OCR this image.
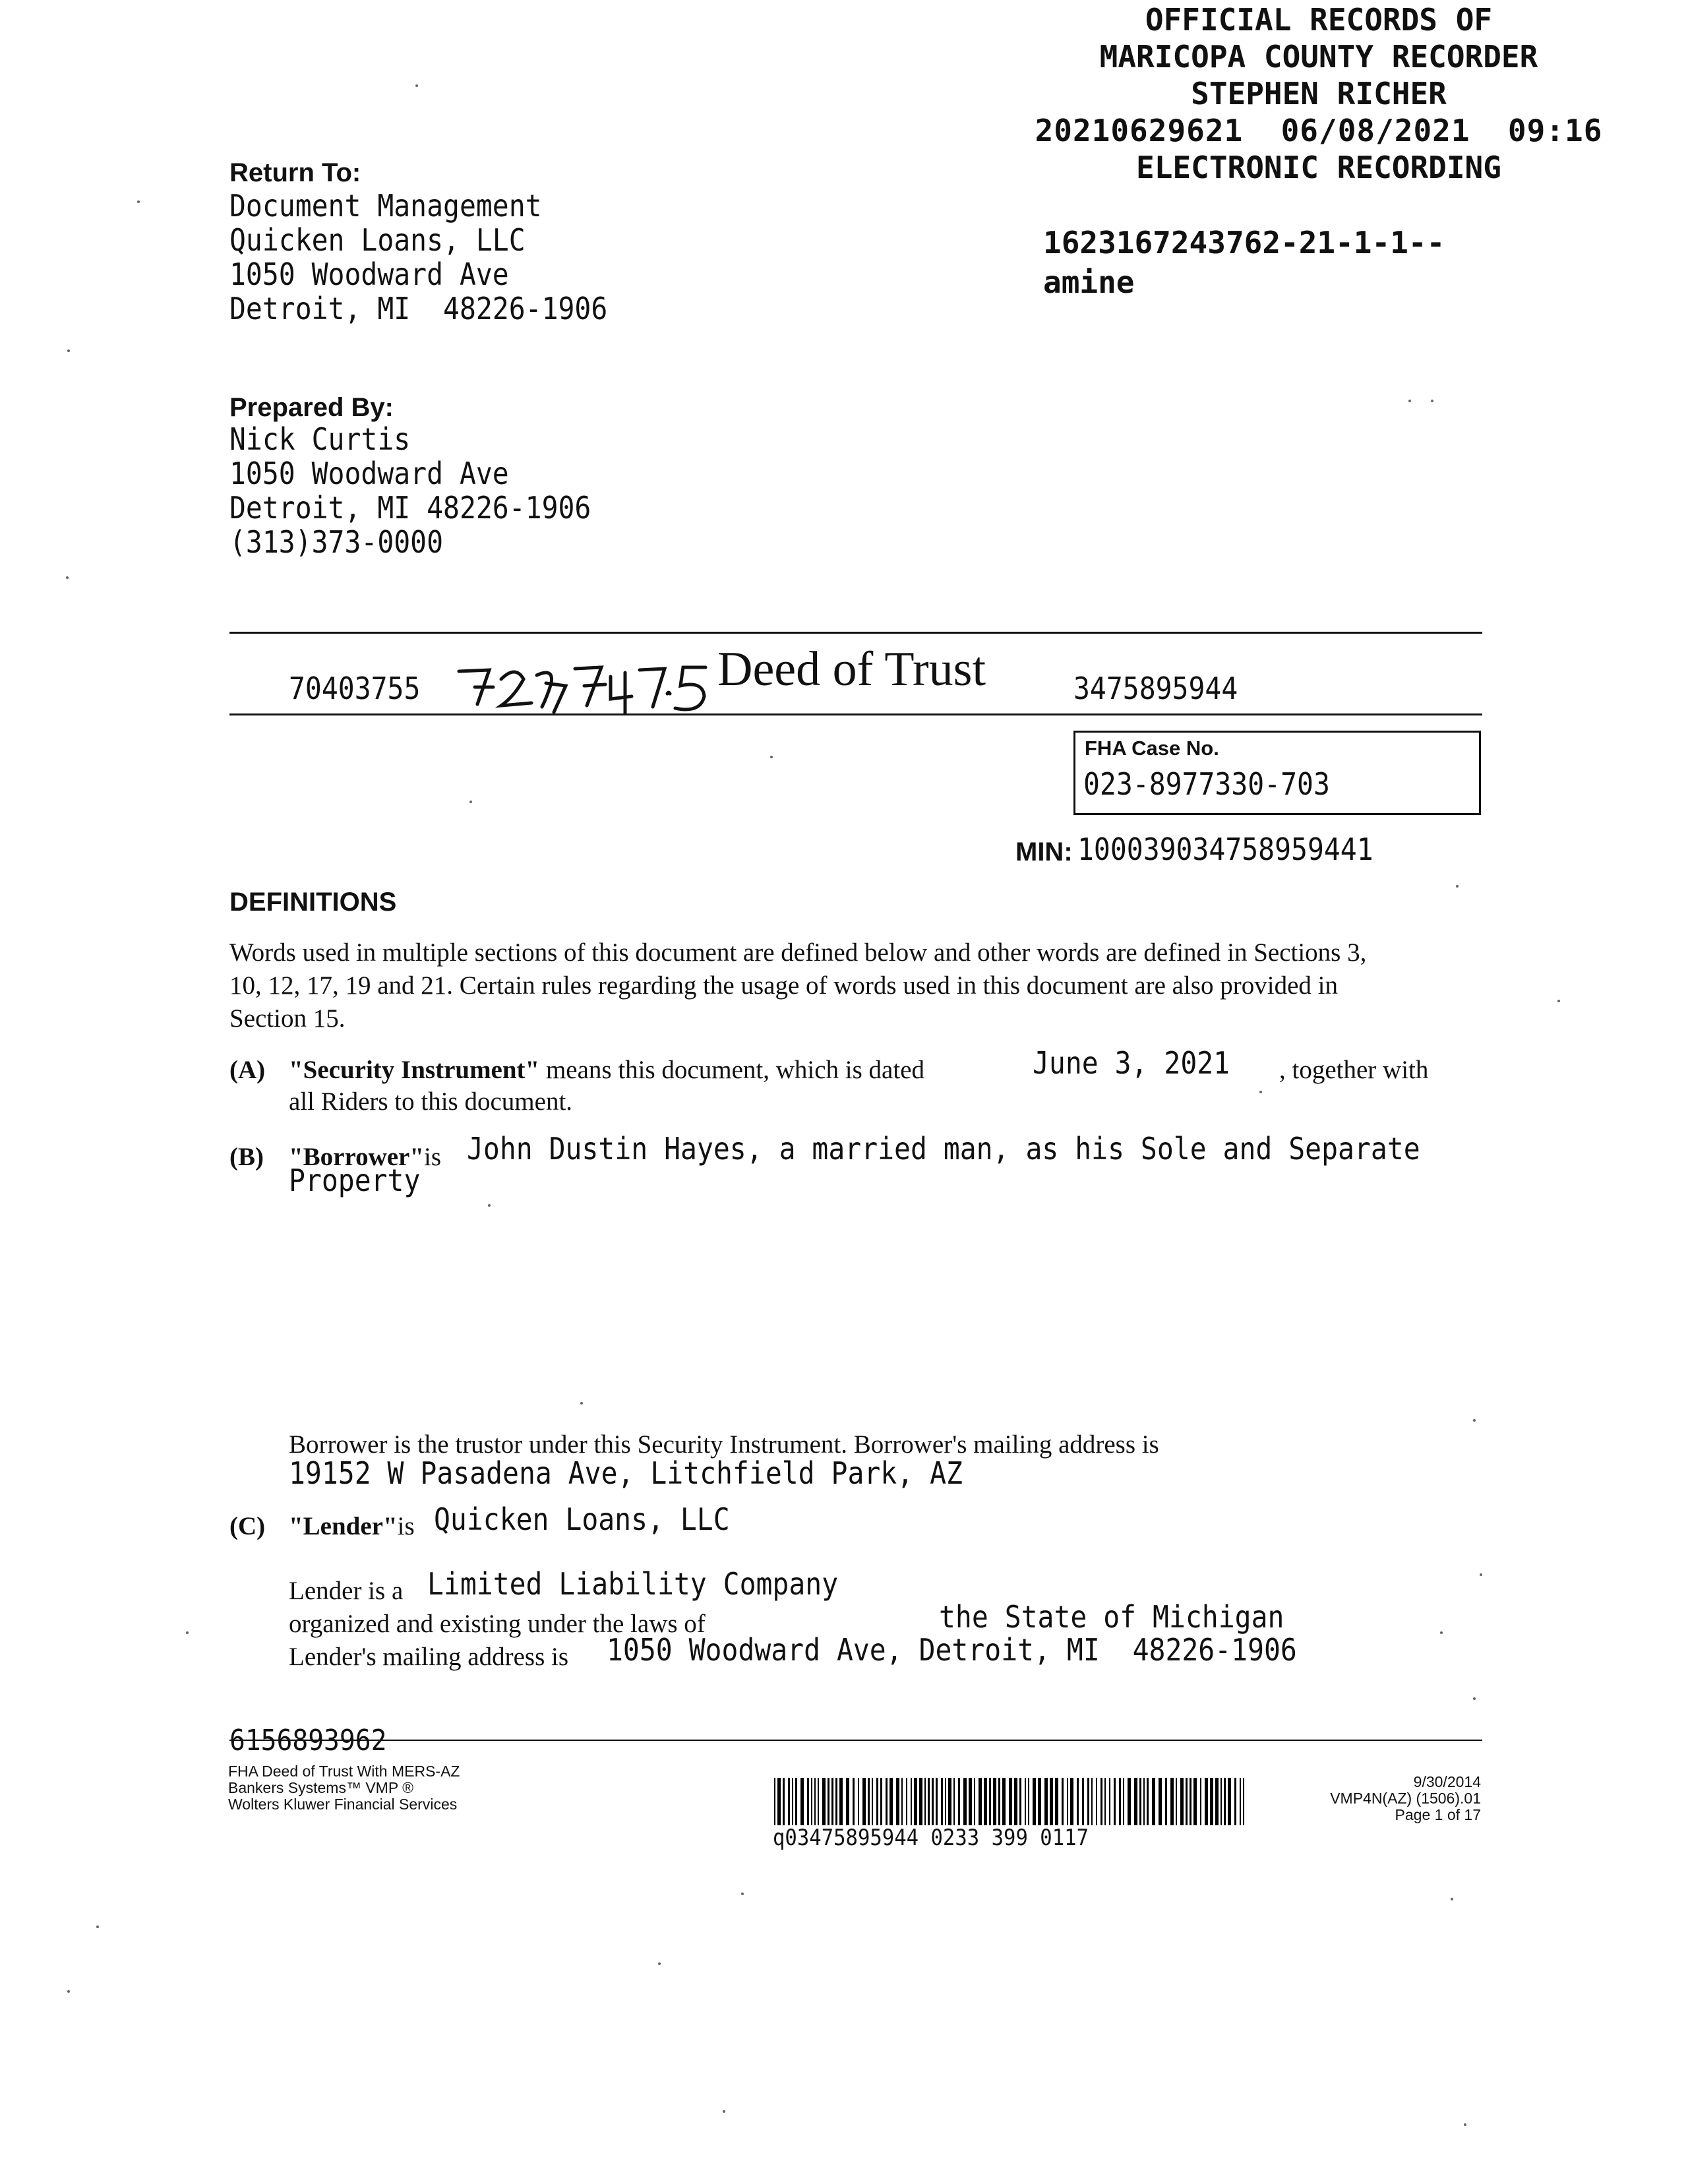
OFFICIAL RECORDS OF
MARICOPA COUNTY RECORDER
STEPHEN RICHER
20210629621  06/08/2021  09:16
ELECTRONIC RECORDING
1623167243762-21-1-1--
amine
Return To:
Document Management
Quicken Loans, LLC
1050 Woodward Ave
Detroit, MI  48226-1906
Prepared By:
Nick Curtis
1050 Woodward Ave
Detroit, MI 48226-1906
(313)373-0000
70403755	Deed of Trust	3475895944
FHA Case No.
023-8977330-703
MIN: 100039034758959441
DEFINITIONS
Words used in multiple sections of this document are defined below and other words are defined in Sections 3,
10, 12, 17, 19 and 21. Certain rules regarding the usage of words used in this document are also provided in
Section 15.
(A) "Security Instrument" means this document, which is dated	June 3, 2021 , together with
all Riders to this document.
(B) "Borrower"is John Dustin Hayes, a married man, as his Sole and Separate
Property
Borrower is the trustor under this Security Instrument. Borrower's mailing address is
19152 W Pasadena Ave, Litchfield Park, AZ
(C) "Lender"is Quicken Loans, LLC
Lender is a Limited Liability Company
organized and existing under the laws of	the State of Michigan
Lender's mailing address is 1050 Woodward Ave, Detroit, MI  48226-1906
6156893962
FHA Deed of Trust With MERS-AZ
Bankers Systems™ VMP ®
Wolters Kluwer Financial Services
q03475895944 0233 399 0117
9/30/2014
VMP4N(AZ) (1506).01
Page 1 of 17
